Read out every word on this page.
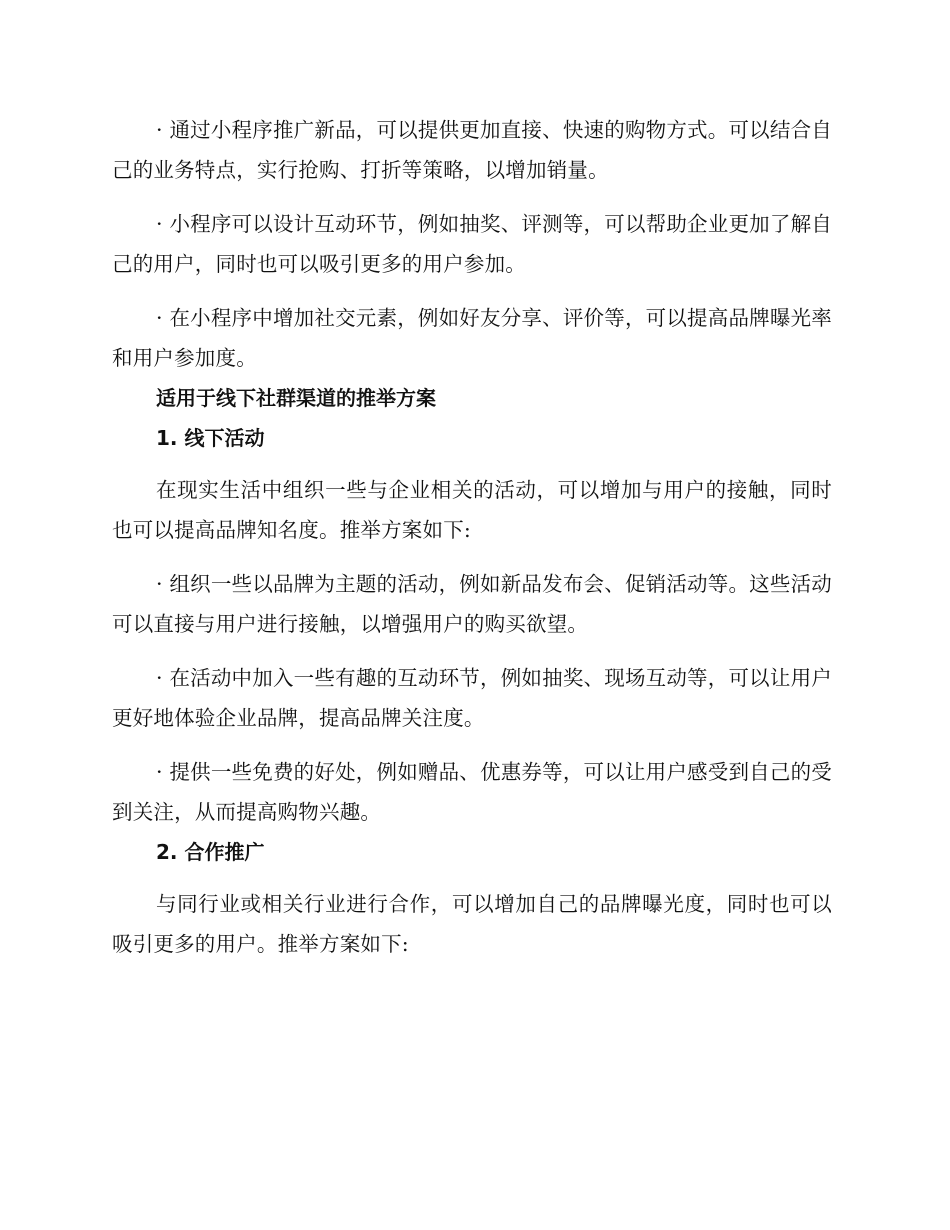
· 通过小程序推广新品，可以提供更加直接、快速的购物方式。可以结合自己的业务特点，实行抢购、打折等策略，以增加销量。

· 小程序可以设计互动环节，例如抽奖、评测等，可以帮助企业更加了解自己的用户，同时也可以吸引更多的用户参加。

· 在小程序中增加社交元素，例如好友分享、评价等，可以提高品牌曝光率和用户参加度。

适用于线下社群渠道的推举方案

1. 线下活动

在现实生活中组织一些与企业相关的活动，可以增加与用户的接触，同时也可以提高品牌知名度。推举方案如下:

· 组织一些以品牌为主题的活动，例如新品发布会、促销活动等。这些活动可以直接与用户进行接触，以增强用户的购买欲望。

· 在活动中加入一些有趣的互动环节，例如抽奖、现场互动等，可以让用户更好地体验企业品牌，提高品牌关注度。

· 提供一些免费的好处，例如赠品、优惠券等，可以让用户感受到自己的受到关注，从而提高购物兴趣。

2. 合作推广

与同行业或相关行业进行合作，可以增加自己的品牌曝光度，同时也可以吸引更多的用户。推举方案如下:
